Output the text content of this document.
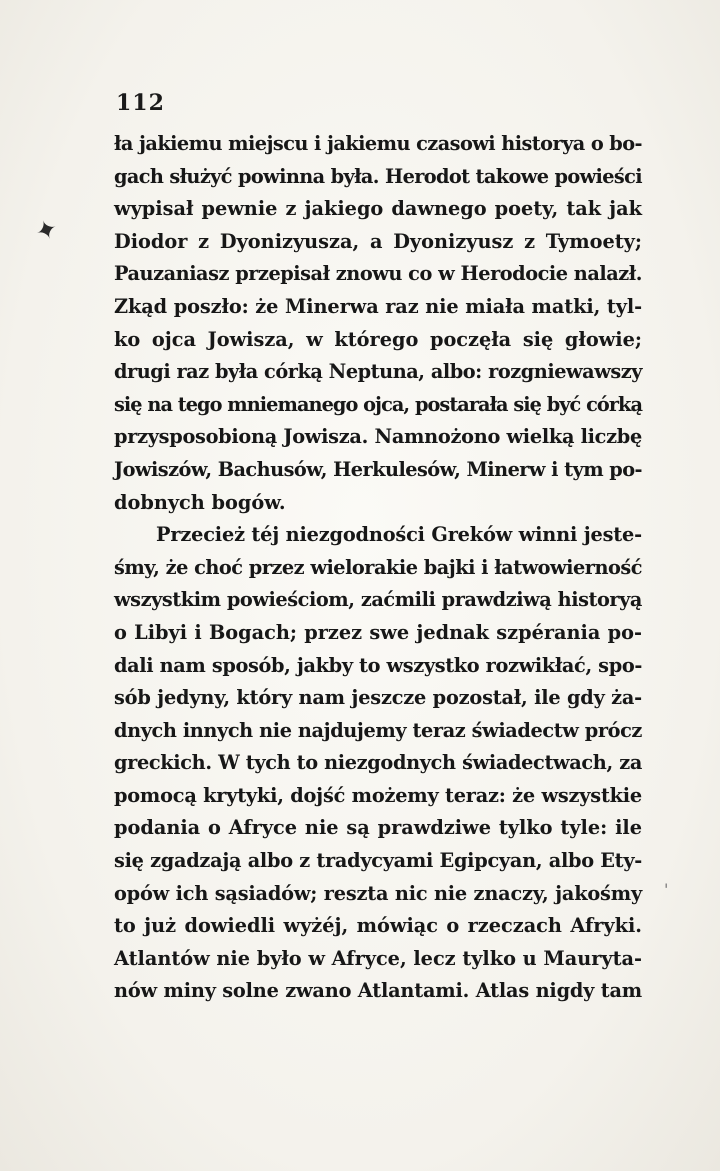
112
ła jakiemu miejscu i jakiemu czasowi historya o bo-
gach służyć powinna była. Herodot takowe powieści
wypisał pewnie z jakiego dawnego poety, tak jak
Diodor z Dyonizyusza, a Dyonizyusz z Tymoety;
Pauzaniasz przepisał znowu co w Herodocie nalazł.
Zkąd poszło: że Minerwa raz nie miała matki, tyl-
ko ojca Jowisza, w którego poczęła się głowie;
drugi raz była córką Neptuna, albo: rozgniewawszy
się na tego mniemanego ojca, postarała się być córką
przysposobioną Jowisza. Namnożono wielką liczbę
Jowiszów, Bachusów, Herkulesów, Minerw i tym po-
dobnych bogów.
Przecież téj niezgodności Greków winni jeste-
śmy, że choć przez wielorakie bajki i łatwowierność
wszystkim powieściom, zaćmili prawdziwą historyą
o Libyi i Bogach; przez swe jednak szpérania po-
dali nam sposób, jakby to wszystko rozwikłać, spo-
sób jedyny, który nam jeszcze pozostał, ile gdy ża-
dnych innych nie najdujemy teraz świadectw prócz
greckich. W tych to niezgodnych świadectwach, za
pomocą krytyki, dojść możemy teraz: że wszystkie
podania o Afryce nie są prawdziwe tylko tyle: ile
się zgadzają albo z tradycyami Egipcyan, albo Ety-
opów ich sąsiadów; reszta nic nie znaczy, jakośmy
to już dowiedli wyżéj, mówiąc o rzeczach Afryki.
Atlantów nie było w Afryce, lecz tylko u Mauryta-
nów miny solne zwano Atlantami. Atlas nigdy tam
✦
'
